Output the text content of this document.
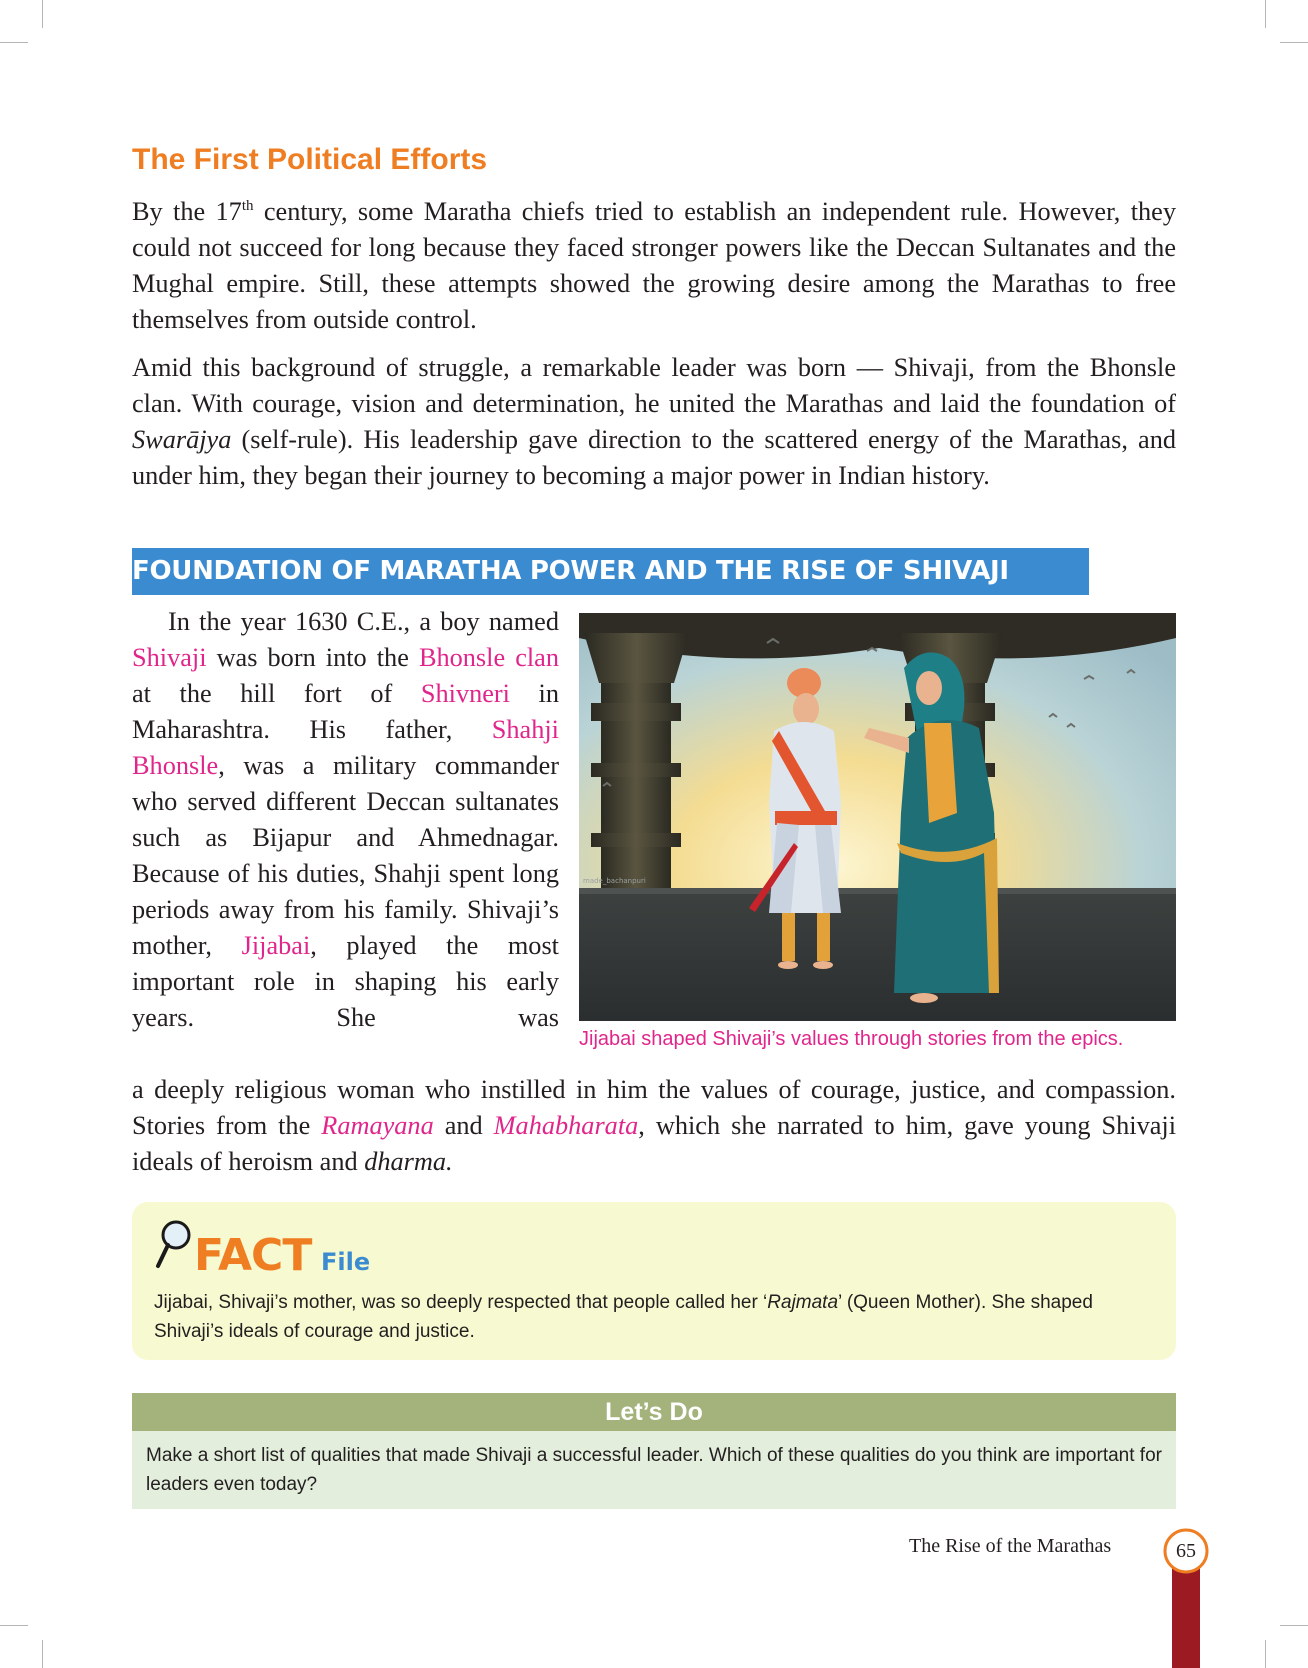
The First Political Efforts

By the 17th century, some Maratha chiefs tried to establish an independent rule. However, they could not succeed for long because they faced stronger powers like the Deccan Sultanates and the Mughal empire. Still, these attempts showed the growing desire among the Marathas to free themselves from outside control.

Amid this background of struggle, a remarkable leader was born — Shivaji, from the Bhonsle clan. With courage, vision and determination, he united the Marathas and laid the foundation of Swarājya (self-rule). His leadership gave direction to the scattered energy of the Marathas, and under him, they began their journey to becoming a major power in Indian history.

FOUNDATION OF MARATHA POWER AND THE RISE OF SHIVAJI

In the year 1630 C.E., a boy named Shivaji was born into the Bhonsle clan at the hill fort of Shivneri in Maharashtra. His father, Shahji Bhonsle, was a military commander who served different Deccan sultanates such as Bijapur and Ahmednagar. Because of his duties, Shahji spent long periods away from his family. Shivaji’s mother, Jijabai, played the most important role in shaping his early years. She was

made_bachanpuri
Jijabai shaped Shivaji’s values through stories from the epics.

a deeply religious woman who instilled in him the values of courage, justice, and compassion. Stories from the Ramayana and Mahabharata, which she narrated to him, gave young Shivaji ideals of heroism and dharma.

FACT File

Jijabai, Shivaji’s mother, was so deeply respected that people called her ‘Rajmata’ (Queen Mother). She shaped Shivaji’s ideals of courage and justice.

Let’s Do

Make a short list of qualities that made Shivaji a successful leader. Which of these qualities do you think are important for leaders even today?

The Rise of the Marathas	65
